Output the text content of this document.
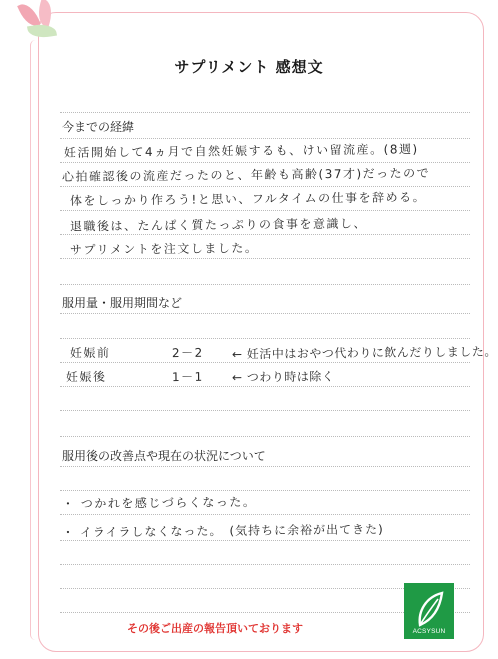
サプリメント 感想文
今までの経緯
妊活開始して4ヵ月で自然妊娠するも、けい留流産。(8週)
心拍確認後の流産だったのと、年齢も高齢(37才)だったので
体をしっかり作ろう!と思い、フルタイムの仕事を辞める。
退職後は、たんぱく質たっぷりの食事を意識し、
サプリメントを注文しました。
服用量・服用期間など
妊娠前	2－2 ← 妊活中はおやつ代わりに飲んだりしました。
妊娠後	1－1 ← つわり時は除く
服用後の改善点や現在の状況について
・ つかれを感じづらくなった。
・ イライラしなくなった。　(気持ちに余裕が出てきた)
その後ご出産の報告頂いております	ACSYSUN
